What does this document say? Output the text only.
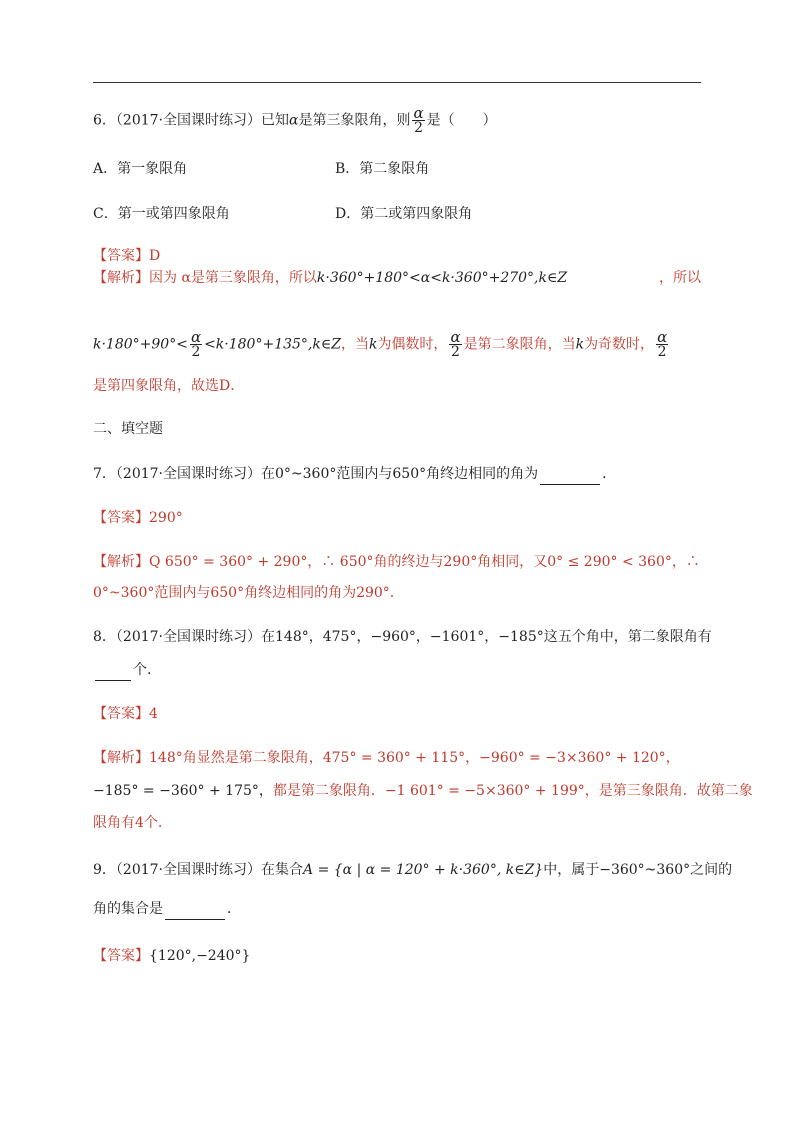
6．（2017·全国课时练习）已知α是第三象限角，则 $\frac{\alpha}{2}$ 是（　　）
A．第一象限角	B．第二象限角
C．第一或第四象限角	D．第二或第四象限角
【答案】D
【解析】因为 α是第三象限角，所以k·360°+180°<α<k·360°+270°,k∈Z	，所以
$k\cdot 180^\circ+90^\circ< \frac{\alpha}{2}$ <k·180°+135°,k∈Z，当k为偶数时， $\frac{\alpha}{2}$ 是第二象限角，当k为奇数时， $\frac{\alpha}{2}$
是第四象限角，故选D．
二、填空题
7．（2017·全国课时练习）在0°~360°范围内与650°角终边相同的角为	．
【答案】290°
【解析】Q 650° = 360° + 290°，∴ 650°角的终边与290°角相同，又0° ≤ 290° < 360°，∴
0°~360°范围内与650°角终边相同的角为290°.
8．（2017·全国课时练习）在148°，475°，−960°，−1601°，−185°这五个角中，第二象限角有
个.
【答案】4
【解析】148°角显然是第二象限角，475° = 360° + 115°，−960° = −3×360° + 120°，
−185° = −360° + 175°，都是第二象限角．−1 601° = −5×360° + 199°，是第三象限角．故第二象
限角有4个.
9．（2017·全国课时练习）在集合A = {α | α = 120° + k·360°, k∈Z}中，属于−360°~360°之间的
角的集合是	．
【答案】{120°,−240°}
